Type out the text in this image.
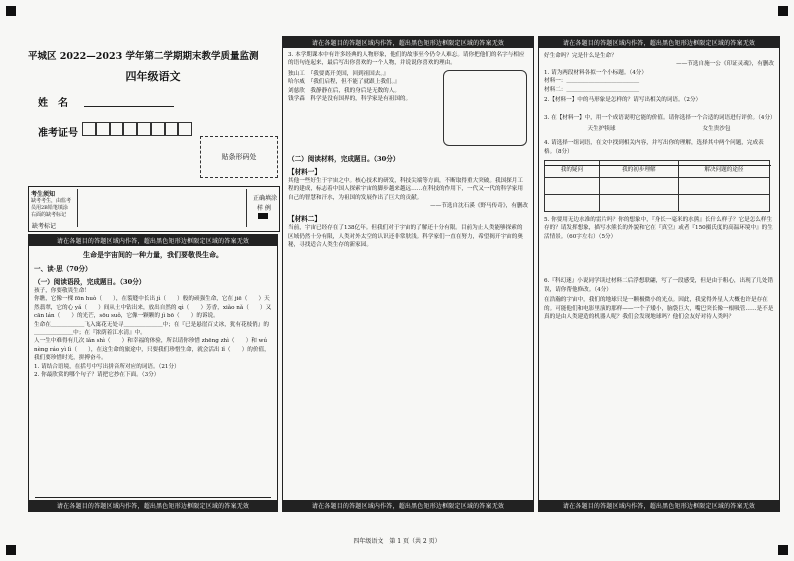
平城区 2022—2023 学年第二学期期末教学质量监测
四年级语文
姓　名
准考证号
贴条形码处
考生须知
缺考考生，由监考员用2B铅笔填涂右面的缺考标记
缺考标记
正确填涂
样 例
请在各题目的答题区域内作答，超出黑色矩形边框限定区域的答案无效
生命是宇宙间的一种力量，我们要敬畏生命。
一、读·思（70分）
（一）阅读语段，完成题目。（30分）

孩子，你要敬畏生命！

你瞧，它像一棵 fōn huò（　　），在裂缝中长出 jì（　　）般的顽强生命，它在 jiē（　　）天然翡翠，它的心 yǎ（　　）间从土中钻出来，放出自然的 qì（　　）芳香，xiǎo nǎ（　　）又 cān lán（　　）的光芒，sōu suǒ，它像一颗颗的 jì bō（　　）的诉说。

生命在＿＿＿＿＿＿飞入寓花无处寻＿＿＿＿＿＿＿中；在『已是悬崖百丈冰，犹有花枝俏』的＿＿＿＿＿＿＿中；在『浓荫着江水清』中。

人一生中难得有几次 lǎn shì（　　）和幸福的体验，所以请你珍惜 zhēng zhì（　　）和 wú nèng ráo yì lì（　　），在这生命的旅途中，只要我们珍惜生命，就会活出 lǐ（　　）的价值，我们要珍惜时光，拼搏奋斗。

1. 请结合语境，在括号中写出拼音所对应的词语。（21分）

2. 你最欣赏的哪个句子？请把它抄在下面。（3分）

请在各题目的答题区域内作答，超出黑色矩形边框限定区域的答案无效
请在各题目的答题区域内作答，超出黑色矩形边框限定区域的答案无效
3. 本学期课本中有许多经典的人物形象，他们的故事至今仍令人难忘。请你把他们的名字与相应的语句连起来，最后写出你喜欢的一个人物，并说说你喜欢的理由。

独山工　 『我要离开美国，回到祖国去。』

哈尔威　 『我们启程，但不能了就跟上我们。』

刘慈欣　 我静静在后，我的身后是无数的人。

钱学森　 科学是没有国界的，科学家是有祖国的。

（二）阅读材料，完成题目。（30分）
【材料一】
其他一些好生于宇宙之中。核心技术的研发，科技尖端等方面，不断取得重大突破。我国探月工程的建成，标志着中国人探索宇宙的脚步越来越远……在科技的作用下，一代又一代的科学家用自己的智慧和汗水，为祖国的发展作出了巨大的贡献。
——节选自沈石溪《野马传奇》，有删改
【材料二】
当前，宇宙已经存在了138亿年。但我们对于宇宙的了解还十分有限。目前为止人类能够探索的区域仍然十分有限，人类对外太空的认识还非常肤浅。科学家们一直在努力，希望揭开宇宙的奥秘，寻找适合人类生存的新家园。
请在各题目的答题区域内作答，超出黑色矩形边框限定区域的答案无效
请在各题目的答题区域内作答，超出黑色矩形边框限定区域的答案无效
好生命吗？完是什么是生命？
——节选自施一公《印证灵魂》，有删改
1. 请为两段材料各拟一个小标题。（4分）
材料一：＿＿＿＿＿＿＿＿＿＿＿＿＿
材料二：＿＿＿＿＿＿＿＿＿＿＿＿＿
2.【材料一】中的马形象是怎样的？请写出相关的词语。（2分）
3. 在【材料一】中，用一个成语说明它能的价值。请你选择一个合适的词语进行评价。（4分）
天生护犊球	女生贵沙包
4. 请选择一组词语，在文中找到相关内容，并写出你的理解，选择其中两个问题，完成表格。（8分）
我的疑问	我的初步理解	解决问题的途径

5. 你要用无边水准的雷片吗？你的想象中，『身长一毫米的水熊』长什么样子？它是怎么样生存的？请发挥想象，描写水熊长的外貌和它在『真空』或者『150摄氏度的高温环境中』的生活情景。（60字左右）（5分）
6.『科幻迷』小说同学读过材料二后浮想联翩，写了一段感受，但是由于粗心，出现了几处错误，请你帮他修改。（4分）
在浩瀚的宇宙中，我们的地球只是一颗极微小的光点。因此，我觉得外星人大概也许是存在的。可能他们和电影里演的那样——一个子矮小，脑袋巨大，嘴巴突长像一根吸管……是不是真的是由人类建造的机器人呢？我们会发现地球吗？他们会友好对待人类吗？
请在各题目的答题区域内作答，超出黑色矩形边框限定区域的答案无效
四年级语文　第 1 页（共 2 页）
